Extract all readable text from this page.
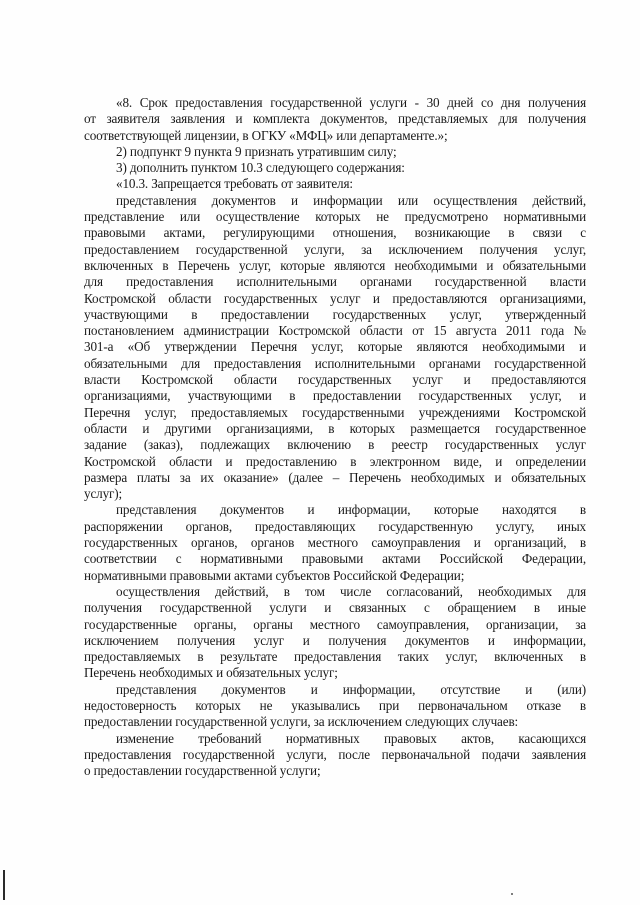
«8. Срок предоставления государственной услуги - 30 дней со дня получения
от заявителя заявления и комплекта документов, представляемых для получения
соответствующей лицензии, в ОГКУ «МФЦ» или департаменте.»;
2) подпункт 9 пункта 9 признать утратившим силу;
3) дополнить пунктом 10.3 следующего содержания:
«10.3. Запрещается требовать от заявителя:
представления документов и информации или осуществления действий,
представление или осуществление которых не предусмотрено нормативными
правовыми актами, регулирующими отношения, возникающие в связи с
предоставлением государственной услуги, за исключением получения услуг,
включенных в Перечень услуг, которые являются необходимыми и обязательными
для предоставления исполнительными органами государственной власти
Костромской области государственных услуг и предоставляются организациями,
участвующими в предоставлении государственных услуг, утвержденный
постановлением администрации Костромской области от 15 августа 2011 года №
301-а «Об утверждении Перечня услуг, которые являются необходимыми и
обязательными для предоставления исполнительными органами государственной
власти Костромской области государственных услуг и предоставляются
организациями, участвующими в предоставлении государственных услуг, и
Перечня услуг, предоставляемых государственными учреждениями Костромской
области и другими организациями, в которых размещается государственное
задание (заказ), подлежащих включению в реестр государственных услуг
Костромской области и предоставлению в электронном виде, и определении
размера платы за их оказание» (далее – Перечень необходимых и обязательных
услуг);
представления документов и информации, которые находятся в
распоряжении органов, предоставляющих государственную услугу, иных
государственных органов, органов местного самоуправления и организаций, в
соответствии с нормативными правовыми актами Российской Федерации,
нормативными правовыми актами субъектов Российской Федерации;
осуществления действий, в том числе согласований, необходимых для
получения государственной услуги и связанных с обращением в иные
государственные органы, органы местного самоуправления, организации, за
исключением получения услуг и получения документов и информации,
предоставляемых в результате предоставления таких услуг, включенных в
Перечень необходимых и обязательных услуг;
представления документов и информации, отсутствие и (или)
недостоверность которых не указывались при первоначальном отказе в
предоставлении государственной услуги, за исключением следующих случаев:
изменение требований нормативных правовых актов, касающихся
предоставления государственной услуги, после первоначальной подачи заявления
о предоставлении государственной услуги;
